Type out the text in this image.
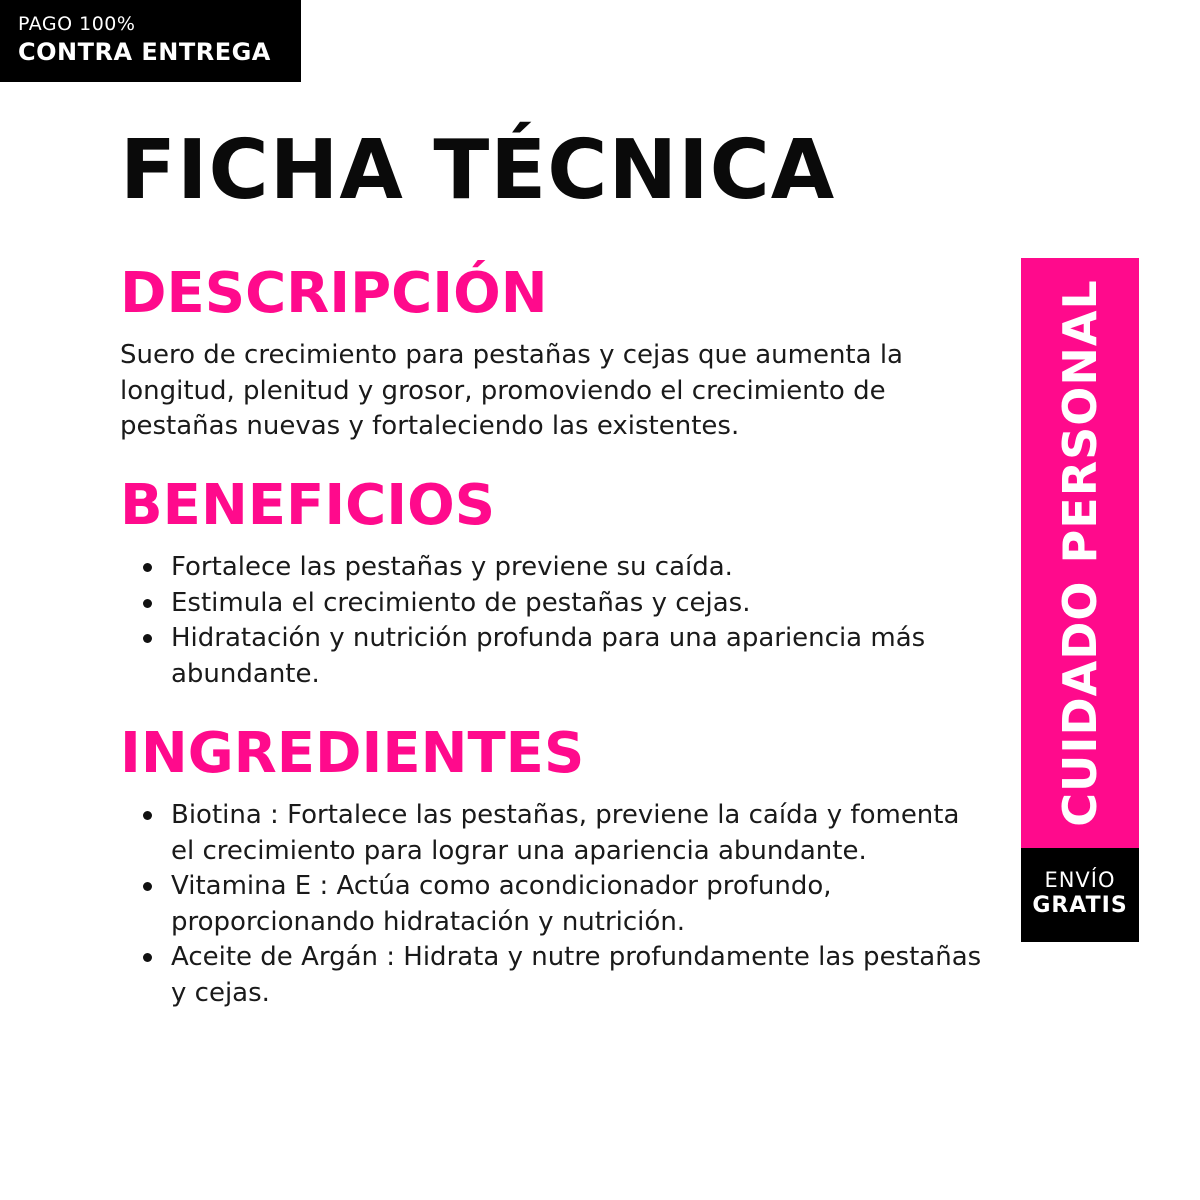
PAGO 100%
CONTRA ENTREGA
FICHA TÉCNICA
DESCRIPCIÓN

Suero de crecimiento para pestañas y cejas que aumenta la longitud, plenitud y grosor, promoviendo el crecimiento de pestañas nuevas y fortaleciendo las existentes.

BENEFICIOS
Fortalece las pestañas y previene su caída.
Estimula el crecimiento de pestañas y cejas.
Hidratación y nutrición profunda para una apariencia más abundante.
INGREDIENTES
Biotina : Fortalece las pestañas, previene la caída y fomenta el crecimiento para lograr una apariencia abundante.
Vitamina E : Actúa como acondicionador profundo, proporcionando hidratación y nutrición.
Aceite de Argán : Hidrata y nutre profundamente las pestañas y cejas.
CUIDADO PERSONAL
ENVÍO
GRATIS
